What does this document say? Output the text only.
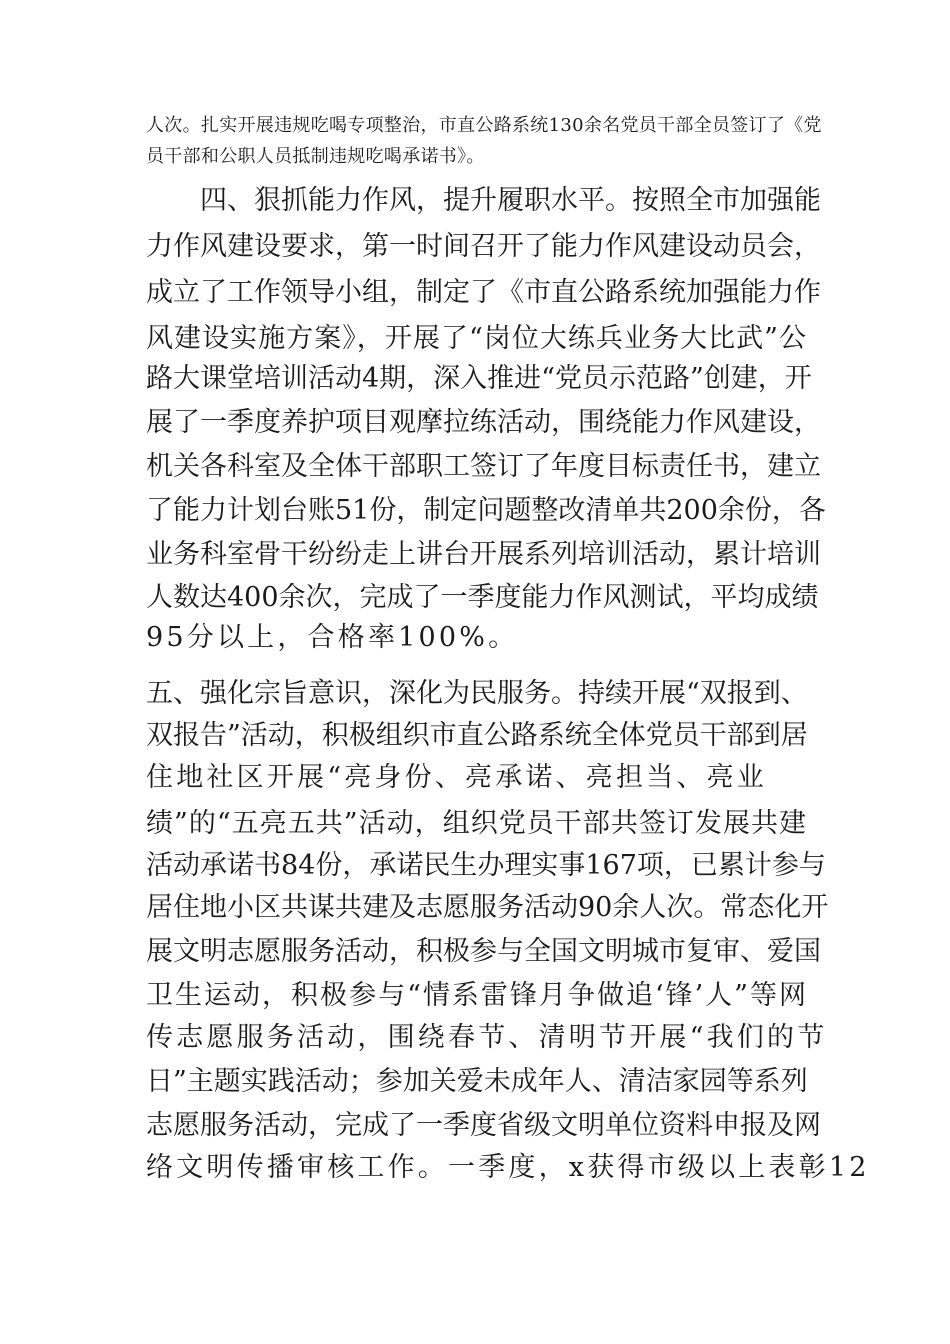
人次。扎实开展违规吃喝专项整治，市直公路系统130余名党员干部全员签订了《党
员干部和公职人员抵制违规吃喝承诺书》。
四、狠抓能力作风，提升履职水平。按照全市加强能
力作风建设要求，第一时间召开了能力作风建设动员会，
成立了工作领导小组，制定了《市直公路系统加强能力作
风建设实施方案》，开展了“岗位大练兵业务大比武”公
路大课堂培训活动4期，深入推进“党员示范路”创建，开
展了一季度养护项目观摩拉练活动，围绕能力作风建设，
机关各科室及全体干部职工签订了年度目标责任书，建立
了能力计划台账51份，制定问题整改清单共200余份，各
业务科室骨干纷纷走上讲台开展系列培训活动，累计培训
人数达400余次，完成了一季度能力作风测试，平均成绩
95分以上，合格率100%。
五、强化宗旨意识，深化为民服务。持续开展“双报到、
双报告”活动，积极组织市直公路系统全体党员干部到居
住地社区开展“亮身份、亮承诺、亮担当、亮业
绩”的“五亮五共”活动，组织党员干部共签订发展共建
活动承诺书84份，承诺民生办理实事167项，已累计参与
居住地小区共谋共建及志愿服务活动90余人次。常态化开
展文明志愿服务活动，积极参与全国文明城市复审、爱国
卫生运动，积极参与“情系雷锋月争做追‘锋’人”等网
传志愿服务活动，围绕春节、清明节开展“我们的节
日”主题实践活动；参加关爱未成年人、清洁家园等系列
志愿服务活动，完成了一季度省级文明单位资料申报及网
络文明传播审核工作。一季度，x获得市级以上表彰12
